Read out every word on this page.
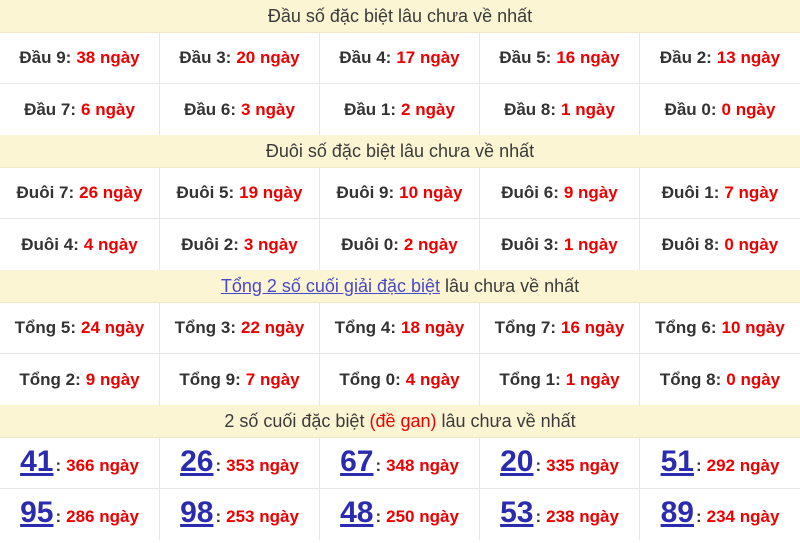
Đầu số đặc biệt lâu chưa về nhất
Đầu 9: 38 ngày Đầu 3: 20 ngày Đầu 4: 17 ngày Đầu 5: 16 ngày Đầu 2: 13 ngày
Đầu 7: 6 ngày	Đầu 6: 3 ngày	Đầu 1: 2 ngày	Đầu 8: 1 ngày	Đầu 0: 0 ngày
Đuôi số đặc biệt lâu chưa về nhất
Đuôi 7: 26 ngày Đuôi 5: 19 ngày Đuôi 9: 10 ngày Đuôi 6: 9 ngày	Đuôi 1: 7 ngày
Đuôi 4: 4 ngày	Đuôi 2: 3 ngày	Đuôi 0: 2 ngày	Đuôi 3: 1 ngày	Đuôi 8: 0 ngày
Tổng 2 số cuối giải đặc biệt lâu chưa về nhất
Tổng 5: 24 ngày Tổng 3: 22 ngày Tổng 4: 18 ngày Tổng 7: 16 ngày Tổng 6: 10 ngày
Tổng 2: 9 ngày Tổng 9: 7 ngày Tổng 0: 4 ngày Tổng 1: 1 ngày Tổng 8: 0 ngày
2 số cuối đặc biệt (đề gan) lâu chưa về nhất
41 : 366 ngày 26 : 353 ngày 67 : 348 ngày 20 : 335 ngày 51 : 292 ngày
95 : 286 ngày 98 : 253 ngày 48 : 250 ngày 53 : 238 ngày 89 : 234 ngày
